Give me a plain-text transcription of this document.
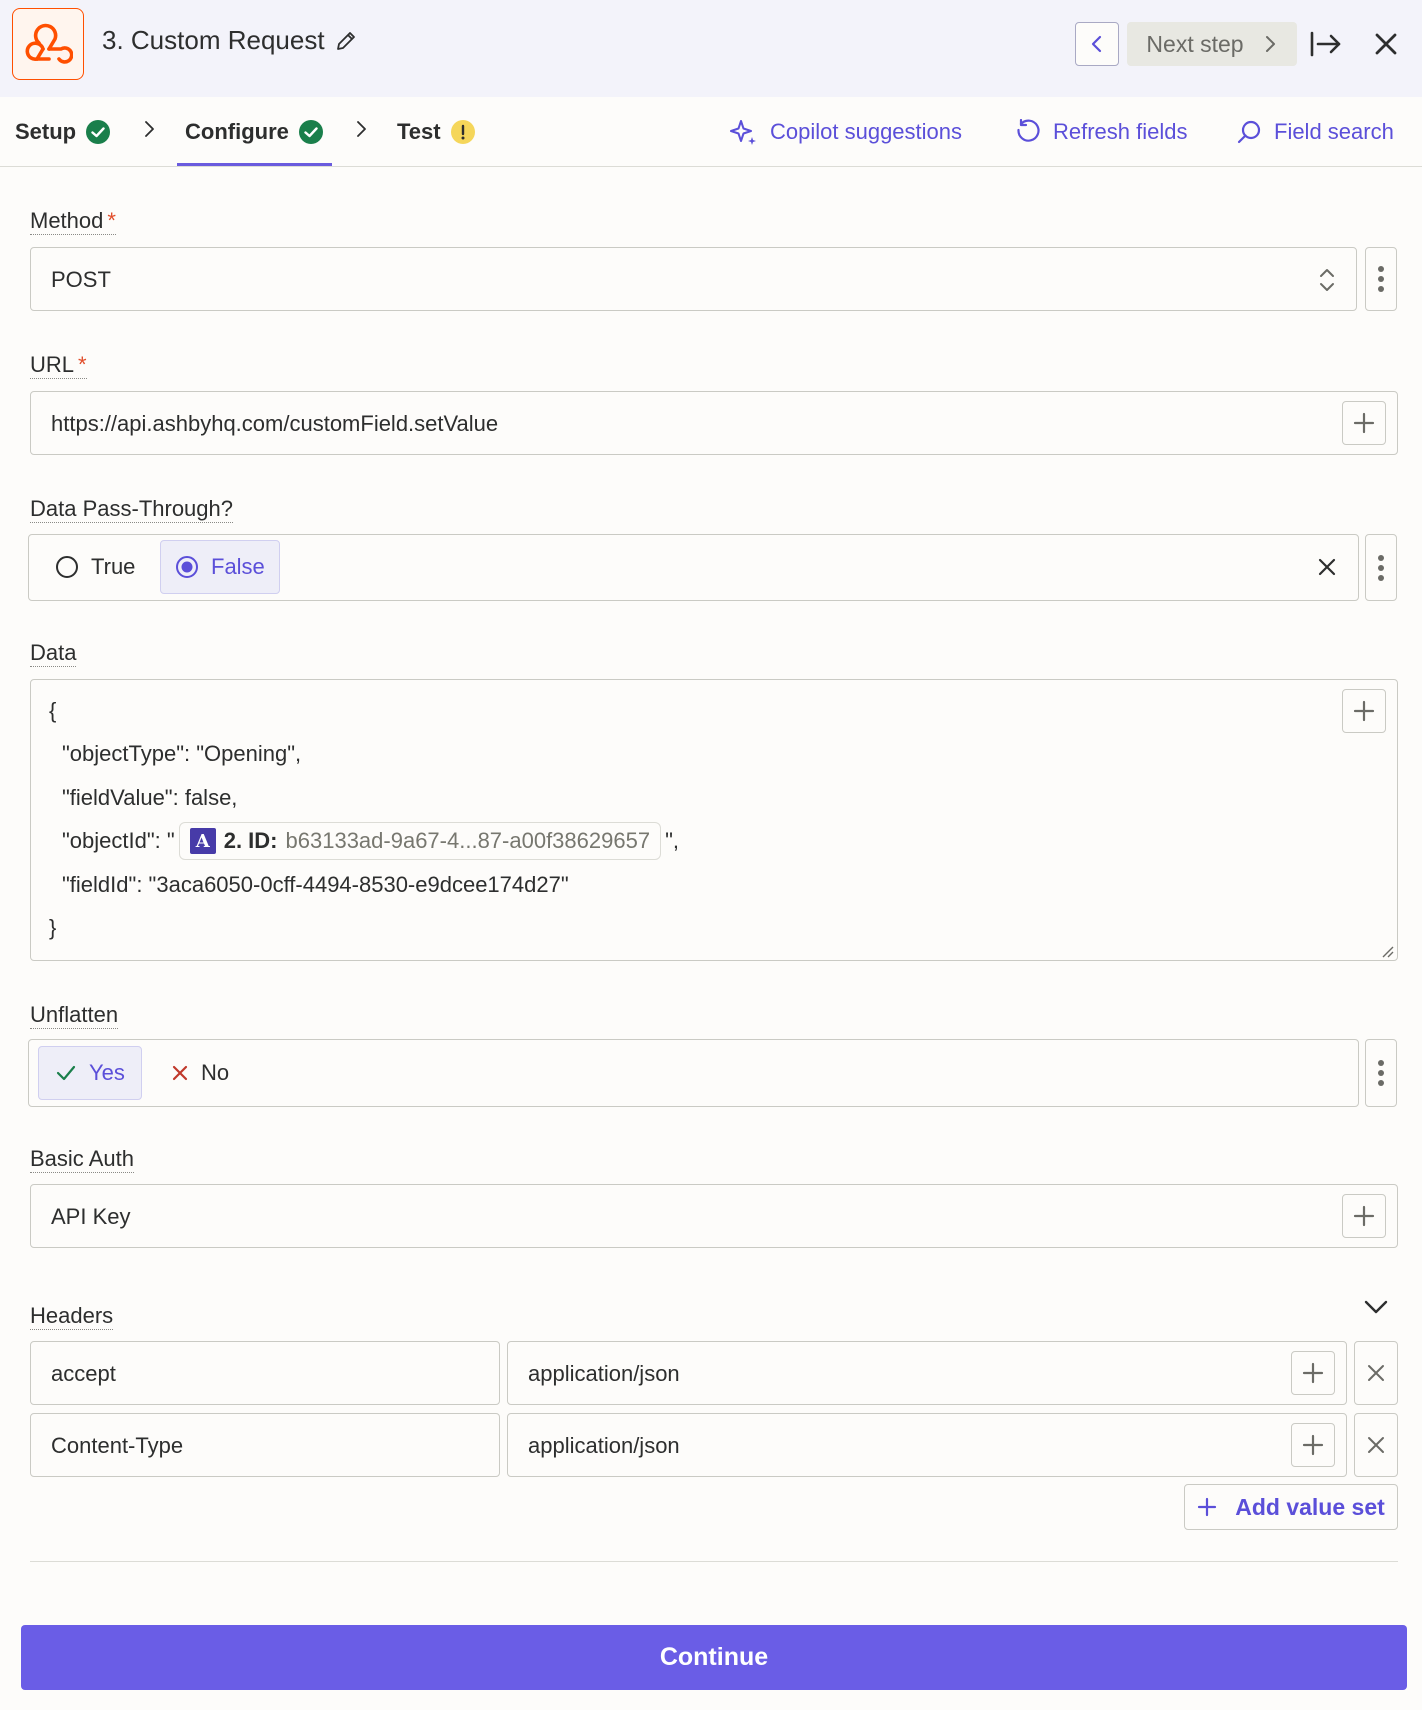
3. Custom Request	Next step
Setup	Configure	Test	Copilot suggestions	Refresh fields	Field search
Method *
POST
URL *
https://api.ashbyhq.com/customField.setValue
Data Pass-Through?
True	False
Data
{
"objectType": "Opening",
"fieldValue": false,
"objectId": "	A 2. ID: b63133ad-9a67-4...87-a00f38629657 ",
"fieldId": "3aca6050-0cff-4494-8530-e9dcee174d27"
}
Unflatten
Yes	No
Basic Auth
API Key
Headers
accept	application/json
Content-Type	application/json
Add value set
Continue
